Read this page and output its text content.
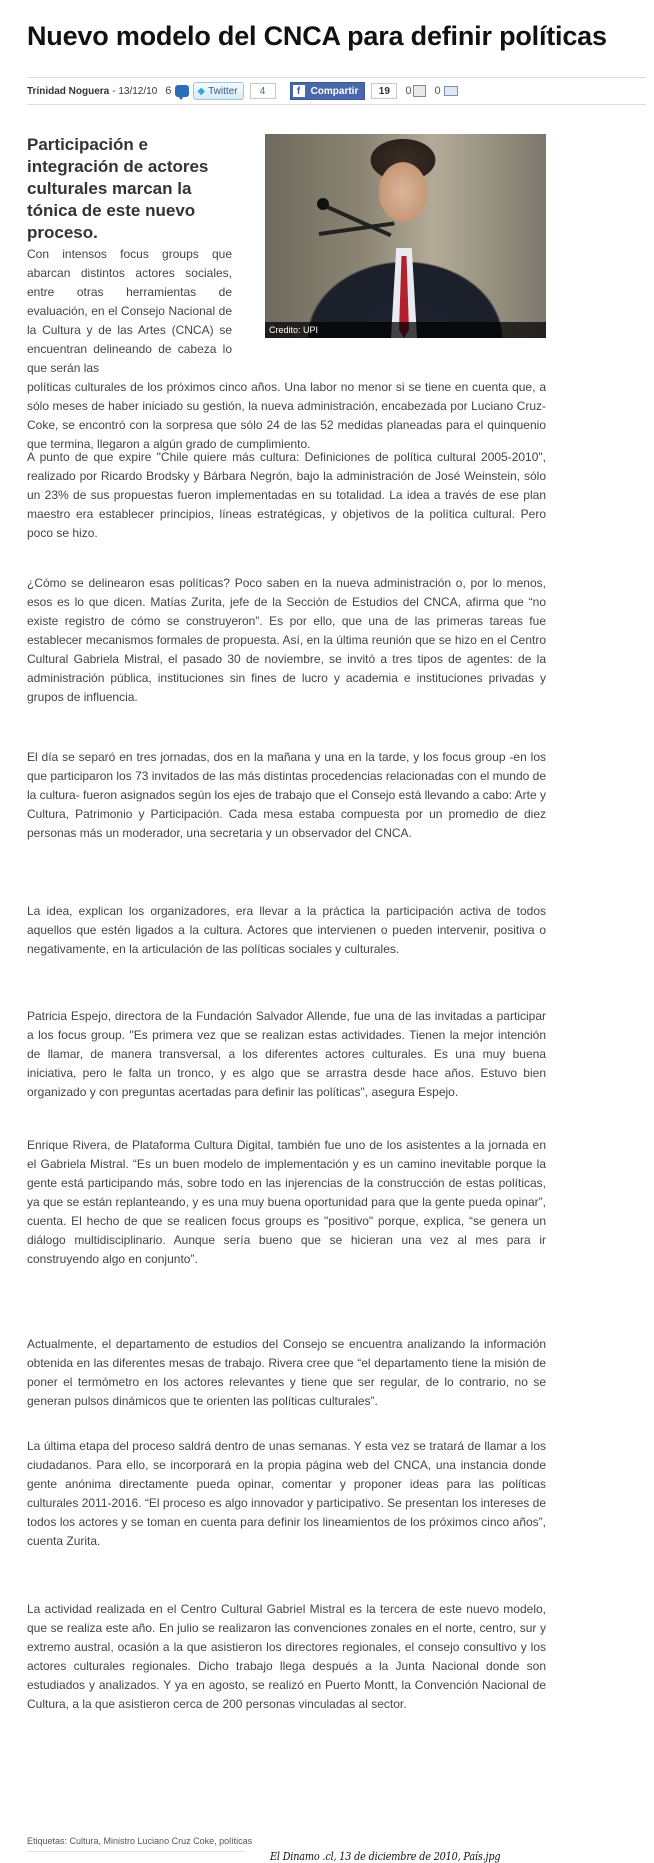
Nuevo modelo del CNCA para definir políticas
Trinidad Noguera - 13/12/10 6	◆ Twitter	4	f	Compartir	19	0 0

Participación e integración de actores culturales marcan la tónica de este nuevo proceso.

Credito: UPI

Con intensos focus groups que abarcan distintos actores sociales, entre otras herramientas de evaluación, en el Consejo Nacional de la Cultura y de las Artes (CNCA) se encuentran delineando de cabeza lo que serán las
políticas culturales de los próximos cinco años. Una labor no menor si se tiene en cuenta que, a sólo meses de haber iniciado su gestión, la nueva administración, encabezada por Luciano Cruz-Coke, se encontró con la sorpresa que sólo 24 de las 52 medidas planeadas para el quinquenio que termina, llegaron a algún grado de cumplimiento.

A punto de que expire "Chile quiere más cultura: Definiciones de política cultural 2005-2010", realizado por Ricardo Brodsky y Bárbara Negrón, bajo la administración de José Weinstein, sólo un 23% de sus propuestas fueron implementadas en su totalidad. La idea a través de ese plan maestro era establecer principios, líneas estratégicas, y objetivos de la política cultural. Pero poco se hizo.

¿Cómo se delinearon esas políticas? Poco saben en la nueva administración o, por lo menos, esos es lo que dicen. Matías Zurita, jefe de la Sección de Estudios del CNCA, afirma que “no existe registro de cómo se construyeron”. Es por ello, que una de las primeras tareas fue establecer mecanismos formales de propuesta. Así, en la última reunión que se hizo en el Centro Cultural Gabriela Mistral, el pasado 30 de noviembre, se invitó a tres tipos de agentes: de la administración pública, instituciones sin fines de lucro y academia e instituciones privadas y grupos de influencia.

El día se separó en tres jornadas, dos en la mañana y una en la tarde, y los focus group -en los que participaron los 73 invitados de las más distintas procedencias relacionadas con el mundo de la cultura- fueron asignados según los ejes de trabajo que el Consejo está llevando a cabo: Arte y Cultura, Patrimonio y Participación. Cada mesa estaba compuesta por un promedio de diez personas más un moderador, una secretaria y un observador del CNCA.

La idea, explican los organizadores, era llevar a la práctica la participación activa de todos aquellos que estén ligados a la cultura. Actores que intervienen o pueden intervenir, positiva o negativamente, en la articulación de las políticas sociales y culturales.

Patricia Espejo, directora de la Fundación Salvador Allende, fue una de las invitadas a participar a los focus group. "Es primera vez que se realizan estas actividades. Tienen la mejor intención de llamar, de manera transversal, a los diferentes actores culturales. Es una muy buena iniciativa, pero le falta un tronco, y es algo que se arrastra desde hace años. Estuvo bien organizado y con preguntas acertadas para definir las políticas", asegura Espejo.

Enrique Rivera, de Plataforma Cultura Digital, también fue uno de los asistentes a la jornada en el Gabriela Mistral. “Es un buen modelo de implementación y es un camino inevitable porque la gente está participando más, sobre todo en las injerencias de la construcción de estas políticas, ya que se están replanteando, y es una muy buena oportunidad para que la gente pueda opinar”, cuenta. El hecho de que se realicen focus groups es "positivo" porque, explica, “se genera un diálogo multidisciplinario. Aunque sería bueno que se hicieran una vez al mes para ir construyendo algo en conjunto”.

Actualmente, el departamento de estudios del Consejo se encuentra analizando la información obtenida en las diferentes mesas de trabajo. Rivera cree que “el departamento tiene la misión de poner el termómetro en los actores relevantes y tiene que ser regular, de lo contrario, no se generan pulsos dinámicos que te orienten las políticas culturales”.

La última etapa del proceso saldrá dentro de unas semanas. Y esta vez se tratará de llamar a los ciudadanos. Para ello, se incorporará en la propia página web del CNCA, una instancia donde gente anónima directamente pueda opinar, comentar y proponer ideas para las políticas culturales 2011-2016. “El proceso es algo innovador y participativo. Se presentan los intereses de todos los actores y se toman en cuenta para definir los lineamientos de los próximos cinco años”, cuenta Zurita.

La actividad realizada en el Centro Cultural Gabriel Mistral es la tercera de este nuevo modelo, que se realiza este año. En julio se realizaron las convenciones zonales en el norte, centro, sur y extremo austral, ocasión a la que asistieron los directores regionales, el consejo consultivo y los actores culturales regionales. Dicho trabajo llega después a la Junta Nacional donde son estudiados y analizados. Y ya en agosto, se realizó en Puerto Montt, la Convención Nacional de Cultura, a la que asistieron cerca de 200 personas vinculadas al sector.

Etiquetas: Cultura, Ministro Luciano Cruz Coke, políticas
El Dinamo .cl, 13 de diciembre de 2010, País.jpg
